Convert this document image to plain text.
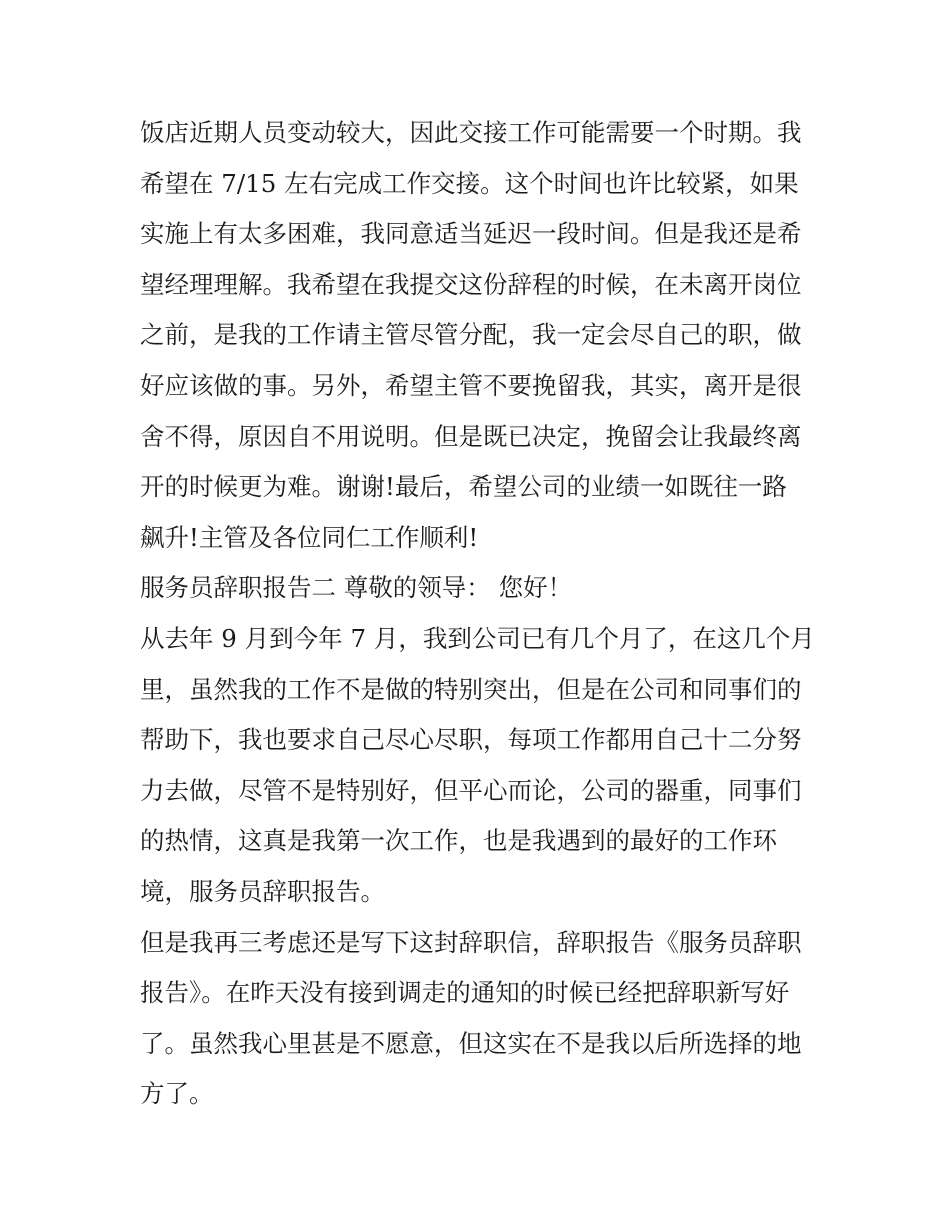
饭店近期人员变动较大，因此交接工作可能需要一个时期。我
希望在 7/15 左右完成工作交接。这个时间也许比较紧，如果
实施上有太多困难，我同意适当延迟一段时间。但是我还是希
望经理理解。我希望在我提交这份辞程的时候，在未离开岗位
之前，是我的工作请主管尽管分配，我一定会尽自己的职，做
好应该做的事。另外，希望主管不要挽留我，其实，离开是很
舍不得，原因自不用说明。但是既已决定，挽留会让我最终离
开的时候更为难。谢谢!最后，希望公司的业绩一如既往一路
飙升!主管及各位同仁工作顺利!

服务员辞职报告二 尊敬的领导： 您好！

从去年 9 月到今年 7 月，我到公司已有几个月了，在这几个月
里，虽然我的工作不是做的特别突出，但是在公司和同事们的
帮助下，我也要求自己尽心尽职，每项工作都用自己十二分努
力去做，尽管不是特别好，但平心而论，公司的器重，同事们
的热情，这真是我第一次工作，也是我遇到的最好的工作环
境，服务员辞职报告。

但是我再三考虑还是写下这封辞职信，辞职报告《服务员辞职
报告》。在昨天没有接到调走的通知的时候已经把辞职新写好
了。虽然我心里甚是不愿意，但这实在不是我以后所选择的地
方了。
